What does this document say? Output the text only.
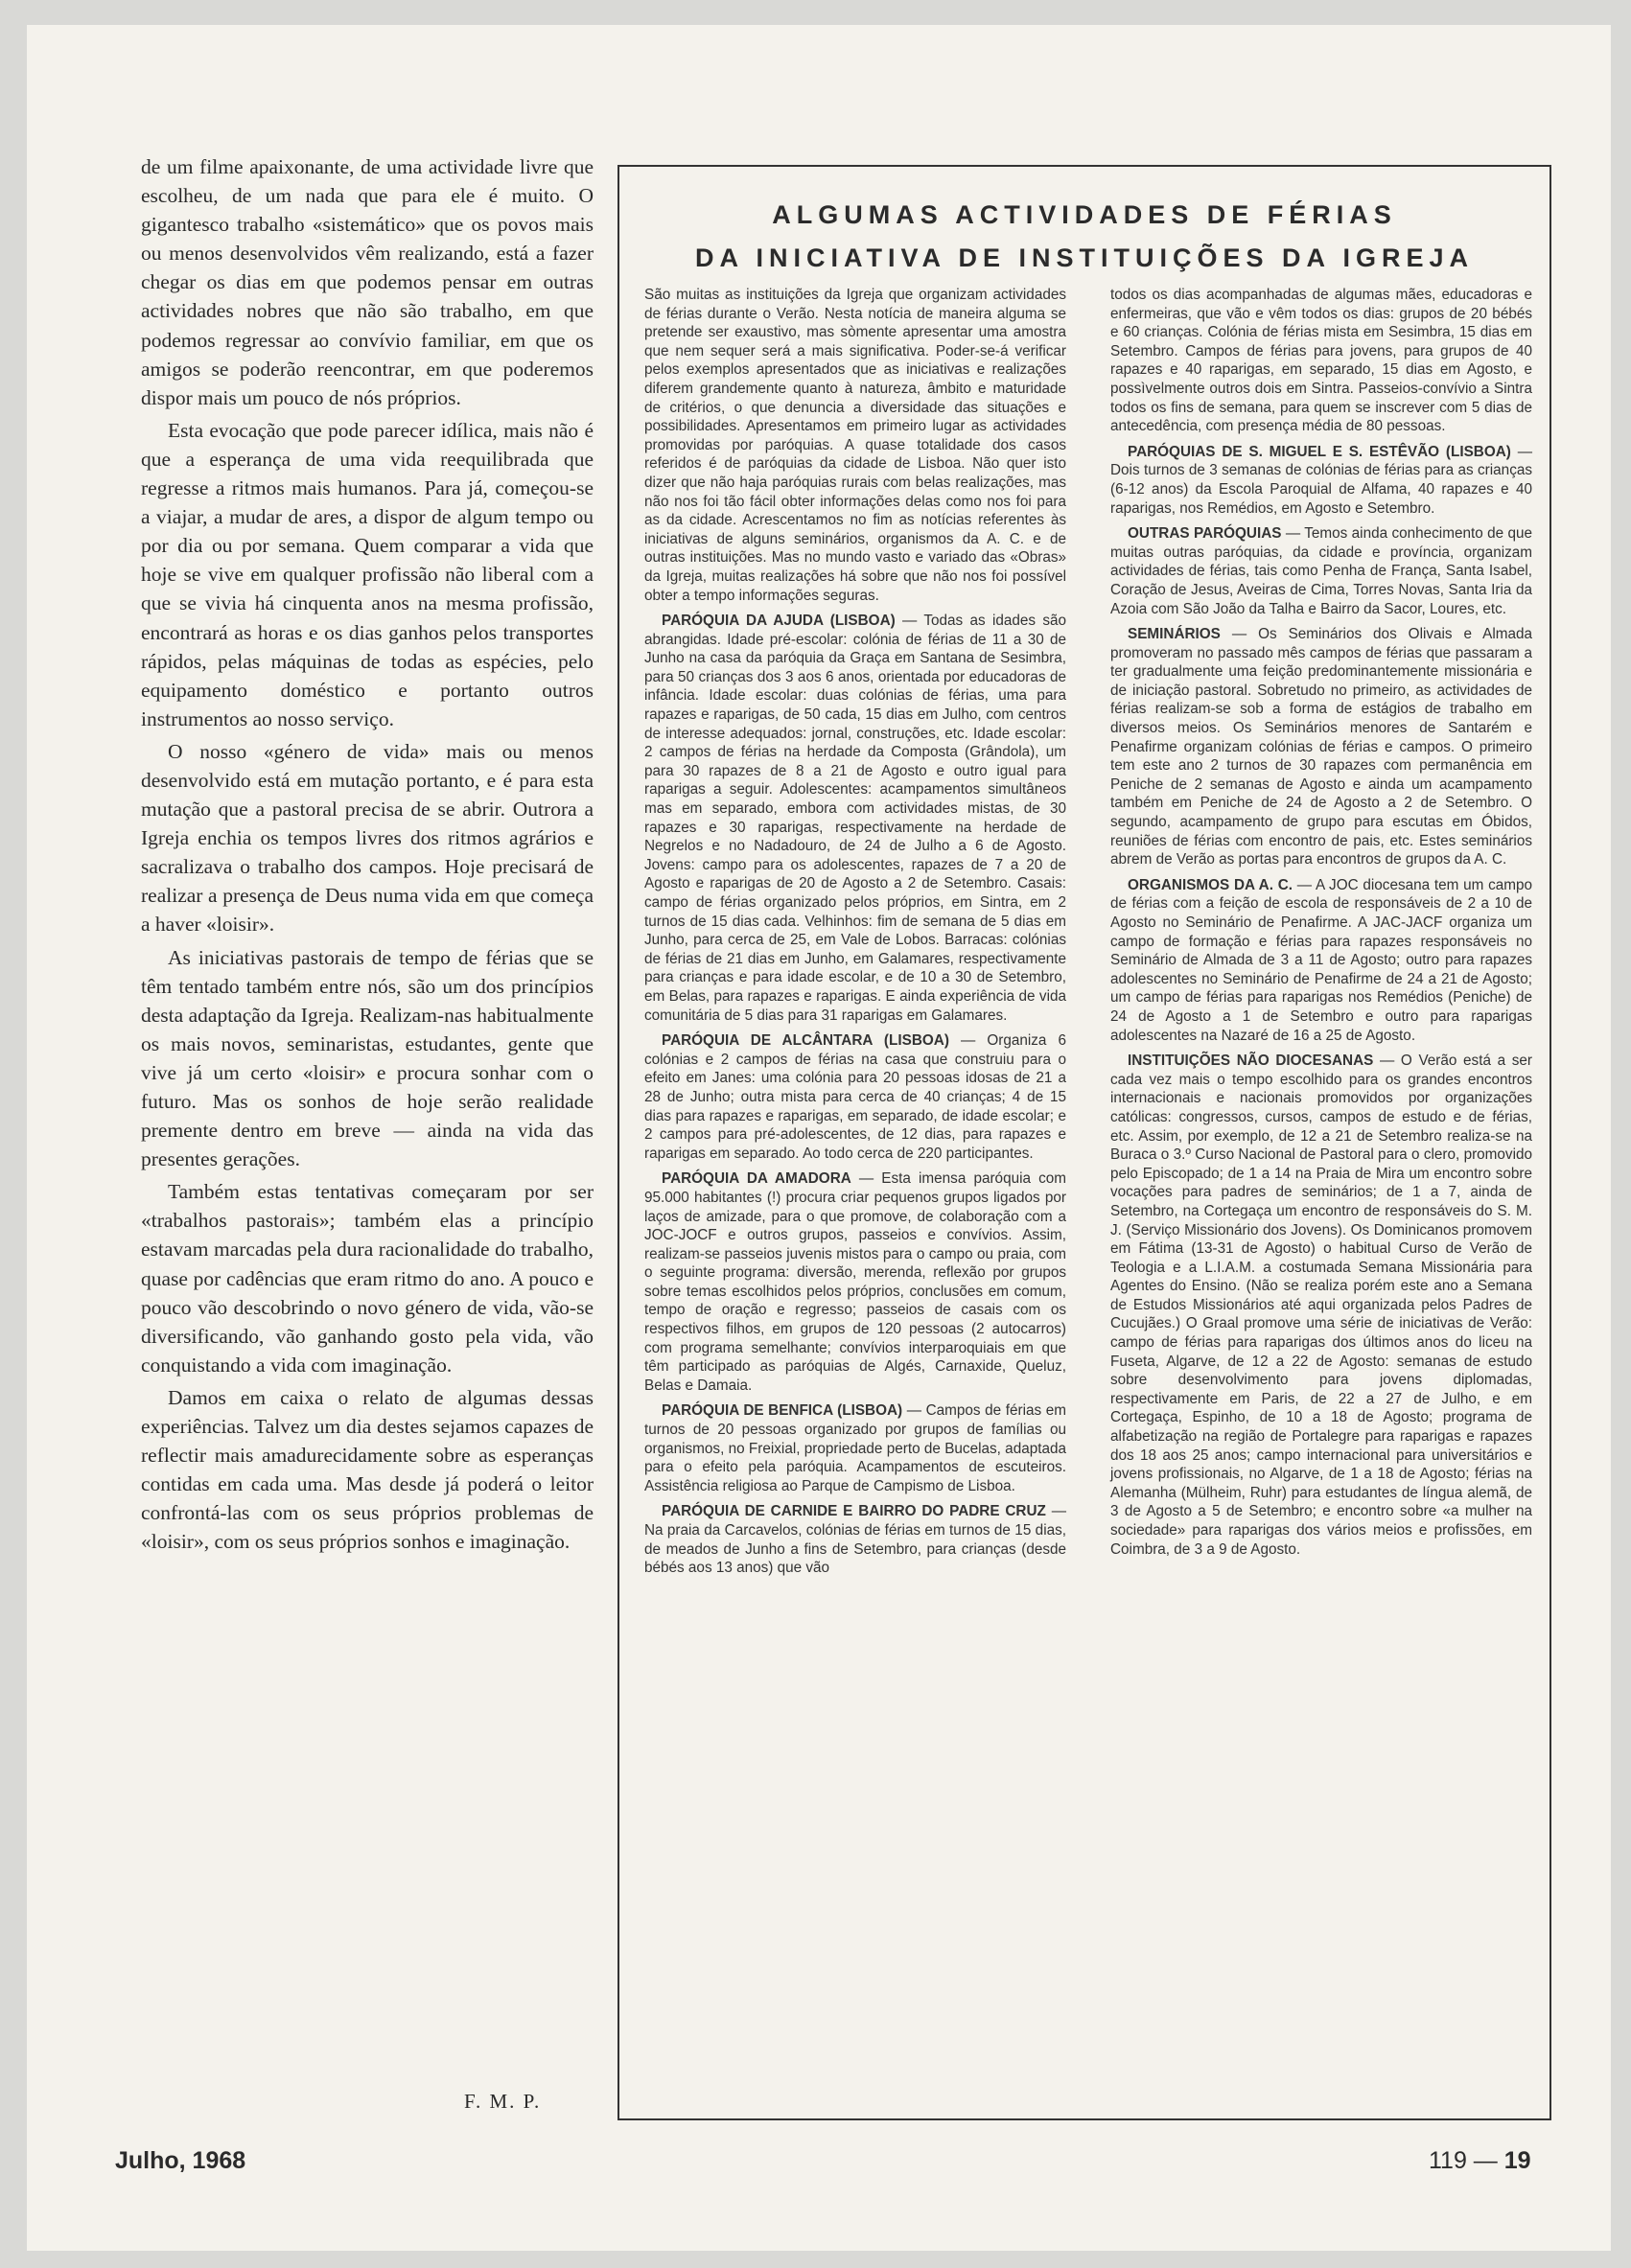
de um filme apaixonante, de uma actividade livre que escolheu, de um nada que para ele é muito. O gigantesco trabalho «sistemático» que os povos mais ou menos desenvolvidos vêm realizando, está a fazer chegar os dias em que podemos pensar em outras actividades nobres que não são trabalho, em que podemos regressar ao convívio familiar, em que os amigos se poderão reencontrar, em que poderemos dispor mais um pouco de nós próprios.

Esta evocação que pode parecer idílica, mais não é que a esperança de uma vida reequilibrada que regresse a ritmos mais humanos. Para já, começou-se a viajar, a mudar de ares, a dispor de algum tempo ou por dia ou por semana. Quem comparar a vida que hoje se vive em qualquer profissão não liberal com a que se vivia há cinquenta anos na mesma profissão, encontrará as horas e os dias ganhos pelos transportes rápidos, pelas máquinas de todas as espécies, pelo equipamento doméstico e portanto outros instrumentos ao nosso serviço.

O nosso «género de vida» mais ou menos desenvolvido está em mutação portanto, e é para esta mutação que a pastoral precisa de se abrir. Outrora a Igreja enchia os tempos livres dos ritmos agrários e sacralizava o trabalho dos campos. Hoje precisará de realizar a presença de Deus numa vida em que começa a haver «loisir».

As iniciativas pastorais de tempo de férias que se têm tentado também entre nós, são um dos princípios desta adaptação da Igreja. Realizam-nas habitualmente os mais novos, seminaristas, estudantes, gente que vive já um certo «loisir» e procura sonhar com o futuro. Mas os sonhos de hoje serão realidade premente dentro em breve — ainda na vida das presentes gerações.

Também estas tentativas começaram por ser «trabalhos pastorais»; também elas a princípio estavam marcadas pela dura racionalidade do trabalho, quase por cadências que eram ritmo do ano. A pouco e pouco vão descobrindo o novo género de vida, vão-se diversificando, vão ganhando gosto pela vida, vão conquistando a vida com imaginação.

Damos em caixa o relato de algumas dessas experiências. Talvez um dia destes sejamos capazes de reflectir mais amadurecidamente sobre as esperanças contidas em cada uma. Mas desde já poderá o leitor confrontá-las com os seus próprios problemas de «loisir», com os seus próprios sonhos e imaginação.

F. M. P.
ALGUMAS ACTIVIDADES DE FÉRIAS
DA INICIATIVA DE INSTITUIÇÕES DA IGREJA

São muitas as instituições da Igreja que organizam actividades de férias durante o Verão. Nesta notícia de maneira alguma se pretende ser exaustivo, mas sòmente apresentar uma amostra que nem sequer será a mais significativa. Poder-se-á verificar pelos exemplos apresentados que as iniciativas e realizações diferem grandemente quanto à natureza, âmbito e maturidade de critérios, o que denuncia a diversidade das situações e possibilidades. Apresentamos em primeiro lugar as actividades promovidas por paróquias. A quase totalidade dos casos referidos é de paróquias da cidade de Lisboa. Não quer isto dizer que não haja paróquias rurais com belas realizações, mas não nos foi tão fácil obter informações delas como nos foi para as da cidade. Acrescentamos no fim as notícias referentes às iniciativas de alguns seminários, organismos da A. C. e de outras instituições. Mas no mundo vasto e variado das «Obras» da Igreja, muitas realizações há sobre que não nos foi possível obter a tempo informações seguras.

PARÓQUIA DA AJUDA (LISBOA) — Todas as idades são abrangidas. Idade pré-escolar: colónia de férias de 11 a 30 de Junho na casa da paróquia da Graça em Santana de Sesimbra, para 50 crianças dos 3 aos 6 anos, orientada por educadoras de infância. Idade escolar: duas colónias de férias, uma para rapazes e raparigas, de 50 cada, 15 dias em Julho, com centros de interesse adequados: jornal, construções, etc. Idade escolar: 2 campos de férias na herdade da Composta (Grândola), um para 30 rapazes de 8 a 21 de Agosto e outro igual para raparigas a seguir. Adolescentes: acampamentos simultâneos mas em separado, embora com actividades mistas, de 30 rapazes e 30 raparigas, respectivamente na herdade de Negrelos e no Nadadouro, de 24 de Julho a 6 de Agosto. Jovens: campo para os adolescentes, rapazes de 7 a 20 de Agosto e raparigas de 20 de Agosto a 2 de Setembro. Casais: campo de férias organizado pelos próprios, em Sintra, em 2 turnos de 15 dias cada. Velhinhos: fim de semana de 5 dias em Junho, para cerca de 25, em Vale de Lobos. Barracas: colónias de férias de 21 dias em Junho, em Galamares, respectivamente para crianças e para idade escolar, e de 10 a 30 de Setembro, em Belas, para rapazes e raparigas. E ainda experiência de vida comunitária de 5 dias para 31 raparigas em Galamares.

PARÓQUIA DE ALCÂNTARA (LISBOA) — Organiza 6 colónias e 2 campos de férias na casa que construiu para o efeito em Janes: uma colónia para 20 pessoas idosas de 21 a 28 de Junho; outra mista para cerca de 40 crianças; 4 de 15 dias para rapazes e raparigas, em separado, de idade escolar; e 2 campos para pré-adolescentes, de 12 dias, para rapazes e raparigas em separado. Ao todo cerca de 220 participantes.

PARÓQUIA DA AMADORA — Esta imensa paróquia com 95.000 habitantes (!) procura criar pequenos grupos ligados por laços de amizade, para o que promove, de colaboração com a JOC-JOCF e outros grupos, passeios e convívios. Assim, realizam-se passeios juvenis mistos para o campo ou praia, com o seguinte programa: diversão, merenda, reflexão por grupos sobre temas escolhidos pelos próprios, conclusões em comum, tempo de oração e regresso; passeios de casais com os respectivos filhos, em grupos de 120 pessoas (2 autocarros) com programa semelhante; convívios interparoquiais em que têm participado as paróquias de Algés, Carnaxide, Queluz, Belas e Damaia.

PARÓQUIA DE BENFICA (LISBOA) — Campos de férias em turnos de 20 pessoas organizado por grupos de famílias ou organismos, no Freixial, propriedade perto de Bucelas, adaptada para o efeito pela paróquia. Acampamentos de escuteiros. Assistência religiosa ao Parque de Campismo de Lisboa.

PARÓQUIA DE CARNIDE E BAIRRO DO PADRE CRUZ — Na praia da Carcavelos, colónias de férias em turnos de 15 dias, de meados de Junho a fins de Setembro, para crianças (desde bébés aos 13 anos) que vão

todos os dias acompanhadas de algumas mães, educadoras e enfermeiras, que vão e vêm todos os dias: grupos de 20 bébés e 60 crianças. Colónia de férias mista em Sesimbra, 15 dias em Setembro. Campos de férias para jovens, para grupos de 40 rapazes e 40 raparigas, em separado, 15 dias em Agosto, e possìvelmente outros dois em Sintra. Passeios-convívio a Sintra todos os fins de semana, para quem se inscrever com 5 dias de antecedência, com presença média de 80 pessoas.

PARÓQUIAS DE S. MIGUEL E S. ESTÊVÃO (LISBOA) — Dois turnos de 3 semanas de colónias de férias para as crianças (6-12 anos) da Escola Paroquial de Alfama, 40 rapazes e 40 raparigas, nos Remédios, em Agosto e Setembro.

OUTRAS PARÓQUIAS — Temos ainda conhecimento de que muitas outras paróquias, da cidade e província, organizam actividades de férias, tais como Penha de França, Santa Isabel, Coração de Jesus, Aveiras de Cima, Torres Novas, Santa Iria da Azoia com São João da Talha e Bairro da Sacor, Loures, etc.

SEMINÁRIOS — Os Seminários dos Olivais e Almada promoveram no passado mês campos de férias que passaram a ter gradualmente uma feição predominantemente missionária e de iniciação pastoral. Sobretudo no primeiro, as actividades de férias realizam-se sob a forma de estágios de trabalho em diversos meios. Os Seminários menores de Santarém e Penafirme organizam colónias de férias e campos. O primeiro tem este ano 2 turnos de 30 rapazes com permanência em Peniche de 2 semanas de Agosto e ainda um acampamento também em Peniche de 24 de Agosto a 2 de Setembro. O segundo, acampamento de grupo para escutas em Óbidos, reuniões de férias com encontro de pais, etc. Estes seminários abrem de Verão as portas para encontros de grupos da A. C.

ORGANISMOS DA A. C. — A JOC diocesana tem um campo de férias com a feição de escola de responsáveis de 2 a 10 de Agosto no Seminário de Penafirme. A JAC-JACF organiza um campo de formação e férias para rapazes responsáveis no Seminário de Almada de 3 a 11 de Agosto; outro para rapazes adolescentes no Seminário de Penafirme de 24 a 21 de Agosto; um campo de férias para raparigas nos Remédios (Peniche) de 24 de Agosto a 1 de Setembro e outro para raparigas adolescentes na Nazaré de 16 a 25 de Agosto.

INSTITUIÇÕES NÃO DIOCESANAS — O Verão está a ser cada vez mais o tempo escolhido para os grandes encontros internacionais e nacionais promovidos por organizações católicas: congressos, cursos, campos de estudo e de férias, etc. Assim, por exemplo, de 12 a 21 de Setembro realiza-se na Buraca o 3.º Curso Nacional de Pastoral para o clero, promovido pelo Episcopado; de 1 a 14 na Praia de Mira um encontro sobre vocações para padres de seminários; de 1 a 7, ainda de Setembro, na Cortegaça um encontro de responsáveis do S. M. J. (Serviço Missionário dos Jovens). Os Dominicanos promovem em Fátima (13-31 de Agosto) o habitual Curso de Verão de Teologia e a L.I.A.M. a costumada Semana Missionária para Agentes do Ensino. (Não se realiza porém este ano a Semana de Estudos Missionários até aqui organizada pelos Padres de Cucujães.) O Graal promove uma série de iniciativas de Verão: campo de férias para raparigas dos últimos anos do liceu na Fuseta, Algarve, de 12 a 22 de Agosto: semanas de estudo sobre desenvolvimento para jovens diplomadas, respectivamente em Paris, de 22 a 27 de Julho, e em Cortegaça, Espinho, de 10 a 18 de Agosto; programa de alfabetização na região de Portalegre para raparigas e rapazes dos 18 aos 25 anos; campo internacional para universitários e jovens profissionais, no Algarve, de 1 a 18 de Agosto; férias na Alemanha (Mülheim, Ruhr) para estudantes de língua alemã, de 3 de Agosto a 5 de Setembro; e encontro sobre «a mulher na sociedade» para raparigas dos vários meios e profissões, em Coimbra, de 3 a 9 de Agosto.

Julho, 1968	119 — 19
